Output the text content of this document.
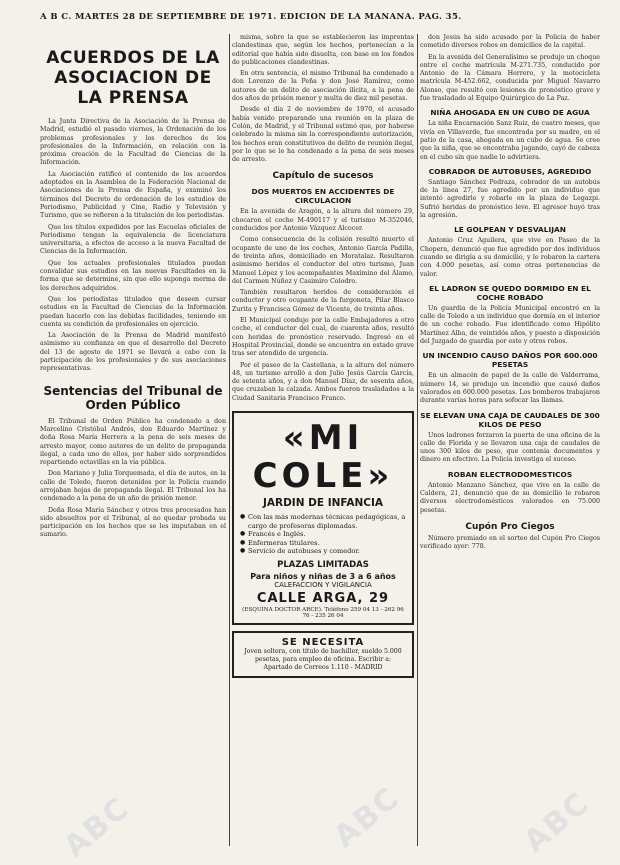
A B C. MARTES 28 DE SEPTIEMBRE DE 1971. EDICION DE LA MAÑANA. PAG. 35.
ACUERDOS DE LA ASOCIACION DE LA PRENSA

La Junta Directiva de la Asociación de la Prensa de Madrid, estudió el pasado viernes, la Ordenación de los problemas profesionales y los derechos de los profesionales de la Información, en relación con la próxima creación de la Facultad de Ciencias de la Información.

La Asociación ratificó el contenido de los acuerdos adoptados en la Asamblea de la Federación Nacional de Asociaciones de la Prensa de España, y examinó los términos del Decreto de ordenación de los estudios de Periodismo, Publicidad y Cine, Radio y Televisión y Turismo, que se refieren a la titulación de los periodistas.

Que los títulos expedidos por las Escuelas oficiales de Periodismo tengan la equivalencia de licenciatura universitaria, a efectos de acceso a la nueva Facultad de Ciencias de la Información.

Que los actuales profesionales titulados puedan convalidar sus estudios en las nuevas Facultades en la forma que se determine, sin que ello suponga merma de los derechos adquiridos.

Que los periodistas titulados que deseen cursar estudios en la Facultad de Ciencias de la Información puedan hacerlo con las debidas facilidades, teniendo en cuenta su condición de profesionales en ejercicio.

La Asociación de la Prensa de Madrid manifestó asimismo su confianza en que el desarrollo del Decreto del 13 de agosto de 1971 se llevará a cabo con la participación de los profesionales y de sus asociaciones representativas.

Sentencias del Tribunal de Orden Público

El Tribunal de Orden Público ha condenado a don Marcelino Cristóbal Andrés, don Eduardo Martínez y doña Rosa María Herrera a la pena de seis meses de arresto mayor, como autores de un delito de propaganda ilegal, a cada uno de ellos, por haber sido sorprendidos repartiendo octavillas en la vía pública.

Don Mariano y Julia Torquemada, el día de autos, en la calle de Toledo, fueron detenidos por la Policía cuando arrojaban hojas de propaganda ilegal. El Tribunal los ha condenado a la pena de un año de prisión menor.

Doña Rosa María Sánchez y otros tres procesados han sido absueltos por el Tribunal, al no quedar probada su participación en los hechos que se les imputaban en el sumario.

misma, sobre la que se establecieron las imprentas clandestinas que, según los hechos, pertenecían a la editorial que había sido disuelta, con base en los fondos de publicaciones clandestinas.

En otra sentencia, el mismo Tribunal ha condenado a don Lorenzo de la Peña y don José Ramírez, como autores de un delito de asociación ilícita, a la pena de dos años de prisión menor y multa de diez mil pesetas.

Desde el día 2 de noviembre de 1970, el acusado había venido preparando una reunión en la plaza de Colón, de Madrid, y el Tribunal estimó que, por haberse celebrado la misma sin la correspondiente autorización, los hechos eran constitutivos de delito de reunión ilegal, por lo que se le ha condenado a la pena de seis meses de arresto.

Capítulo de sucesos
DOS MUERTOS EN ACCIDENTES DE CIRCULACION

En la avenida de Aragón, a la altura del número 29, chocaron el coche M-490117 y el turismo M-352046, conducidos por Antonio Vázquez Alcocer.

Como consecuencia de la colisión resultó muerto el ocupante de uno de los coches, Antonio García Padilla, de treinta años, domiciliado en Moratalaz. Resultaron asimismo heridos el conductor del otro turismo, Juan Manuel López y los acompañantes Maximino del Álamo, del Carmen Núñez y Casimiro Colodro.

También resultaron heridos de consideración el conductor y otro ocupante de la furgoneta, Pilar Blasco Zurita y Francisca Gómez de Vicente, de treinta años.

El Municipal condujo por la calle Embajadores a otro coche, el conductor del cual, de cuarenta años, resultó con heridas de pronóstico reservado. Ingresó en el Hospital Provincial, donde se encuentra en estado grave tras ser atendido de urgencia.

Por el paseo de la Castellana, a la altura del número 48, un turismo arrolló a don Julio Jesús García García, de setenta años, y a don Manuel Díaz, de sesenta años, que cruzaban la calzada. Ambos fueron trasladados a la Ciudad Sanitaria Francisco Franco.

«MI COLE»
JARDIN DE INFANCIA
● Con las más modernas técnicas pedagógicas, a cargo de profesoras diplomadas.
● Francés e Inglés.
● Enfermeras titulares.
● Servicio de autobuses y comedor.
PLAZAS LIMITADAS
Para niños y niñas de 3 a 6 años
CALEFACCION Y VIGILANCIA
CALLE ARGA, 29
(ESQUINA DOCTOR ARCE). Teléfono 259 04 13 - 262 96 76 - 235 26 04
SE NECESITA
Joven soltera, con título de bachiller, sueldo 5.000 pesetas, para empleo de oficina. Escribir a: Apartado de Correos 1.110 - MADRID

don Jesús ha sido acusado por la Policía de haber cometido diversos robos en domicilios de la capital.

En la avenida del Generalísimo se produjo un choque entre el coche matrícula M-271.735, conducido por Antonio de la Cámara Herrero, y la motocicleta matrícula M-452.662, conducida por Miguel Navarro Alonso, que resultó con lesiones de pronóstico grave y fue trasladado al Equipo Quirúrgico de La Paz.

NIÑA AHOGADA EN UN CUBO DE AGUA

La niña Encarnación Sanz Ruiz, de cuatro meses, que vivía en Villaverde, fue encontrada por su madre, en el patio de la casa, ahogada en un cubo de agua. Se cree que la niña, que se encontraba jugando, cayó de cabeza en el cubo sin que nadie lo advirtiera.

COBRADOR DE AUTOBUSES, AGREDIDO

Santiago Sánchez Pedraza, cobrador de un autobús de la línea 27, fue agredido por un individuo que intentó agredirle y robarle en la plaza de Legazpi. Sufrió heridas de pronóstico leve. El agresor huyó tras la agresión.

LE GOLPEAN Y DESVALIJAN

Antonio Cruz Aguilera, que vive en Paseo de la Chopera, denunció que fue agredido por dos individuos cuando se dirigía a su domicilio, y le robaron la cartera con 4.000 pesetas, así como otras pertenencias de valor.

EL LADRON SE QUEDO DORMIDO EN EL COCHE ROBADO

Un guardia de la Policía Municipal encontró en la calle de Toledo a un individuo que dormía en el interior de un coche robado. Fue identificado como Hipólito Martínez Alba, de veintidós años, y puesto a disposición del Juzgado de guardia por este y otros robos.

UN INCENDIO CAUSO DAÑOS POR 600.000 PESETAS

En un almacén de papel de la calle de Valderrama, número 14, se produjo un incendio que causó daños valorados en 600.000 pesetas. Los bomberos trabajaron durante varias horas para sofocar las llamas.

SE ELEVAN UNA CAJA DE CAUDALES DE 300 KILOS DE PESO

Unos ladrones forzaron la puerta de una oficina de la calle de Florida y se llevaron una caja de caudales de unos 300 kilos de peso, que contenía documentos y dinero en efectivo. La Policía investiga el suceso.

ROBAN ELECTRODOMESTICOS

Antonio Manzano Sánchez, que vive en la calle de Caldera, 21, denunció que de su domicilio le robaron diversos electrodomésticos valorados en 75.000 pesetas.

Cupón Pro Ciegos

Número premiado en el sorteo del Cupón Pro Ciegos verificado ayer: 778.

ABC	ABC	ABC
